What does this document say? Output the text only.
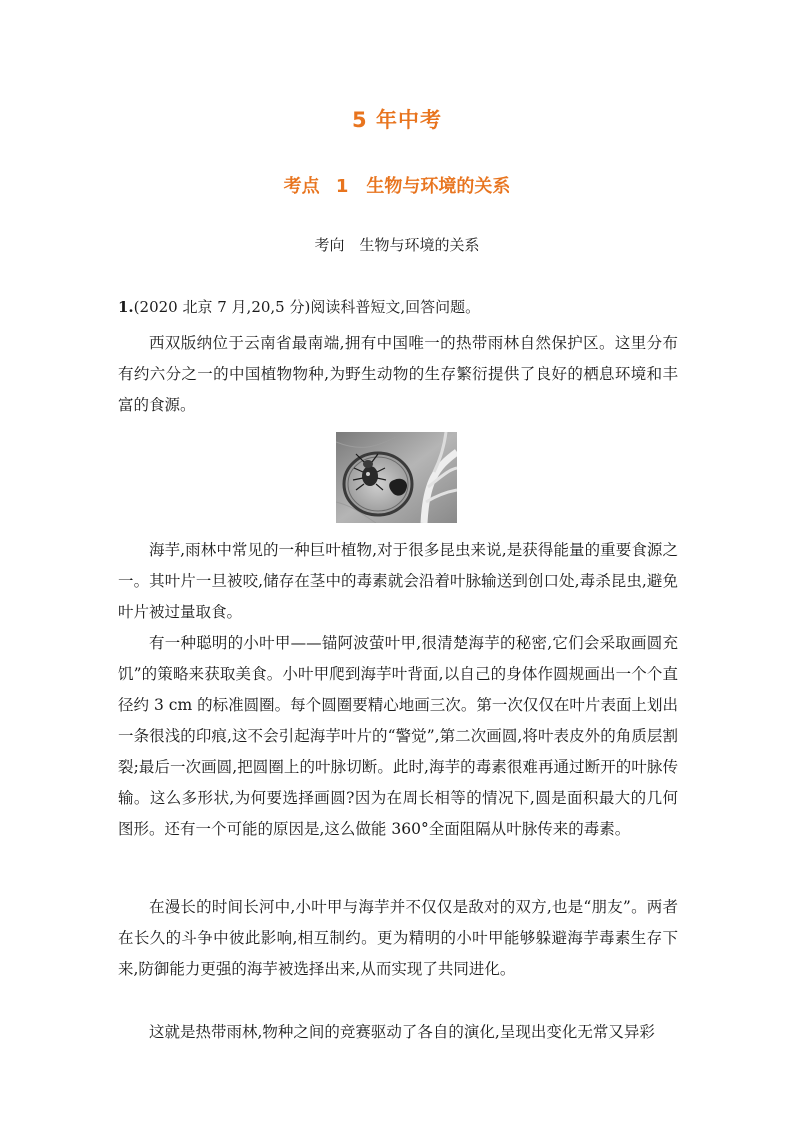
5 年中考
考点 1　生物与环境的关系
考向　生物与环境的关系
1.(2020 北京 7 月,20,5 分)阅读科普短文,回答问题。

西双版纳位于云南省最南端,拥有中国唯一的热带雨林自然保护区。这里分布有约六分之一的中国植物物种,为野生动物的生存繁衍提供了良好的栖息环境和丰富的食源。

海芋,雨林中常见的一种巨叶植物,对于很多昆虫来说,是获得能量的重要食源之一。其叶片一旦被咬,储存在茎中的毒素就会沿着叶脉输送到创口处,毒杀昆虫,避免叶片被过量取食。

有一种聪明的小叶甲——锚阿波萤叶甲,很清楚海芋的秘密,它们会采取画圆充饥”的策略来获取美食。小叶甲爬到海芋叶背面,以自己的身体作圆规画出一个个直径约 3 cm 的标准圆圈。每个圆圈要精心地画三次。第一次仅仅在叶片表面上划出一条很浅的印痕,这不会引起海芋叶片的“警觉”,第二次画圆,将叶表皮外的角质层割裂;最后一次画圆,把圆圈上的叶脉切断。此时,海芋的毒素很难再通过断开的叶脉传输。这么多形状,为何要选择画圆?因为在周长相等的情况下,圆是面积最大的几何图形。还有一个可能的原因是,这么做能 360°全面阻隔从叶脉传来的毒素。

在漫长的时间长河中,小叶甲与海芋并不仅仅是敌对的双方,也是“朋友”。两者在长久的斗争中彼此影响,相互制约。更为精明的小叶甲能够躲避海芋毒素生存下来,防御能力更强的海芋被选择出来,从而实现了共同进化。

这就是热带雨林,物种之间的竞赛驱动了各自的演化,呈现出变化无常又异彩
